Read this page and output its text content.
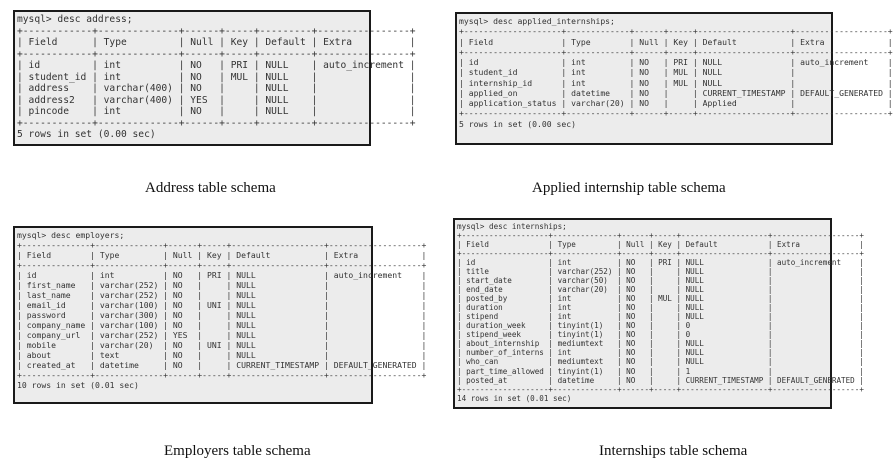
mysql> desc address;
+------------+--------------+------+-----+---------+----------------+
| Field      | Type         | Null | Key | Default | Extra          |
+------------+--------------+------+-----+---------+----------------+
| id         | int          | NO   | PRI | NULL    | auto_increment |
| student_id | int          | NO   | MUL | NULL    |                |
| address    | varchar(400) | NO   |     | NULL    |                |
| address2   | varchar(400) | YES  |     | NULL    |                |
| pincode    | int          | NO   |     | NULL    |                |
+------------+--------------+------+-----+---------+----------------+
5 rows in set (0.00 sec)
Address table schema
mysql> desc applied_internships;
+--------------------+-------------+------+-----+-------------------+-------------------+
| Field              | Type        | Null | Key | Default           | Extra             |
+--------------------+-------------+------+-----+-------------------+-------------------+
| id                 | int         | NO   | PRI | NULL              | auto_increment    |
| student_id         | int         | NO   | MUL | NULL              |                   |
| internship_id      | int         | NO   | MUL | NULL              |                   |
| applied_on         | datetime    | NO   |     | CURRENT_TIMESTAMP | DEFAULT_GENERATED |
| application_status | varchar(20) | NO   |     | Applied           |                   |
+--------------------+-------------+------+-----+-------------------+-------------------+
5 rows in set (0.00 sec)
Applied internship table schema
mysql> desc employers;
+--------------+--------------+------+-----+-------------------+-------------------+
| Field        | Type         | Null | Key | Default           | Extra             |
+--------------+--------------+------+-----+-------------------+-------------------+
| id           | int          | NO   | PRI | NULL              | auto_increment    |
| first_name   | varchar(252) | NO   |     | NULL              |                   |
| last_name    | varchar(252) | NO   |     | NULL              |                   |
| email_id     | varchar(100) | NO   | UNI | NULL              |                   |
| password     | varchar(300) | NO   |     | NULL              |                   |
| company_name | varchar(100) | NO   |     | NULL              |                   |
| company_url  | varchar(252) | YES  |     | NULL              |                   |
| mobile       | varchar(20)  | NO   | UNI | NULL              |                   |
| about        | text         | NO   |     | NULL              |                   |
| created_at   | datetime     | NO   |     | CURRENT_TIMESTAMP | DEFAULT_GENERATED |
+--------------+--------------+------+-----+-------------------+-------------------+
10 rows in set (0.01 sec)
Employers table schema
mysql> desc internships;
+-------------------+--------------+------+-----+-------------------+-------------------+
| Field             | Type         | Null | Key | Default           | Extra             |
+-------------------+--------------+------+-----+-------------------+-------------------+
| id                | int          | NO   | PRI | NULL              | auto_increment    |
| title             | varchar(252) | NO   |     | NULL              |                   |
| start_date        | varchar(50)  | NO   |     | NULL              |                   |
| end_date          | varchar(20)  | NO   |     | NULL              |                   |
| posted_by         | int          | NO   | MUL | NULL              |                   |
| duration          | int          | NO   |     | NULL              |                   |
| stipend           | int          | NO   |     | NULL              |                   |
| duration_week     | tinyint(1)   | NO   |     | 0                 |                   |
| stipend_week      | tinyint(1)   | NO   |     | 0                 |                   |
| about_internship  | mediumtext   | NO   |     | NULL              |                   |
| number_of_interns | int          | NO   |     | NULL              |                   |
| who_can           | mediumtext   | NO   |     | NULL              |                   |
| part_time_allowed | tinyint(1)   | NO   |     | 1                 |                   |
| posted_at         | datetime     | NO   |     | CURRENT_TIMESTAMP | DEFAULT_GENERATED |
+-------------------+--------------+------+-----+-------------------+-------------------+
14 rows in set (0.01 sec)
Internships table schema
